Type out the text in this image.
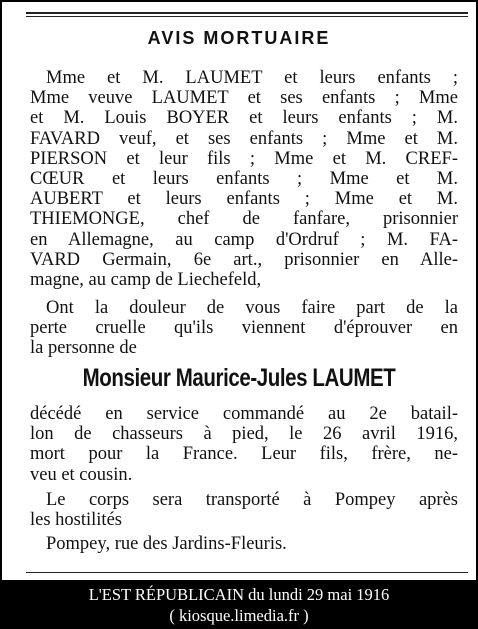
AVIS MORTUAIRE
Mme et M. LAUMET et leurs enfants ;
Mme veuve LAUMET et ses enfants ; Mme
et M. Louis BOYER et leurs enfants ; M.
FAVARD veuf, et ses enfants ; Mme et M.
PIERSON et leur fils ; Mme et M. CREF-
CŒUR et leurs enfants ; Mme et M.
AUBERT et leurs enfants ; Mme et M.
THIEMONGE, chef de fanfare, prisonnier
en Allemagne, au camp d'Ordruf ; M. FA-
VARD Germain, 6e art., prisonnier en Alle-
magne, au camp de Liechefeld,
Ont la douleur de vous faire part de la
perte cruelle qu'ils viennent d'éprouver en
la personne de
Monsieur Maurice-Jules LAUMET
décédé en service commandé au 2e batail-
lon de chasseurs à pied, le 26 avril 1916,
mort pour la France. Leur fils, frère, ne-
veu et cousin.
Le corps sera transporté à Pompey après
les hostilités
Pompey, rue des Jardins-Fleuris.
L'EST RÉPUBLICAIN du lundi 29 mai 1916
( kiosque.limedia.fr )
